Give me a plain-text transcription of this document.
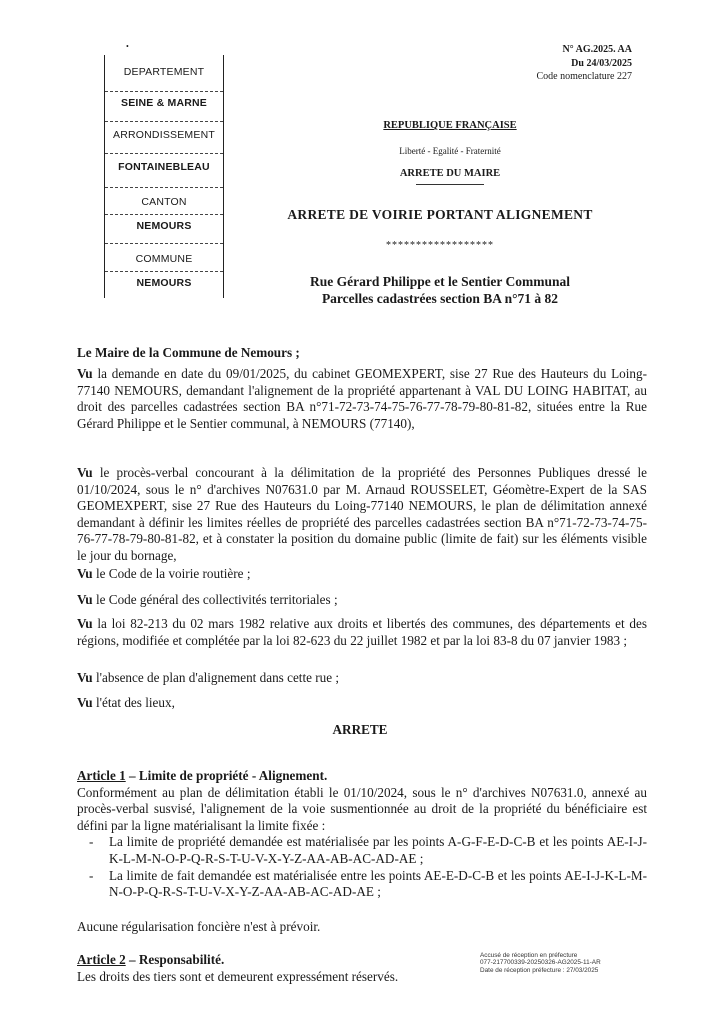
•	N° AG.2025. AA
Du 24/03/2025
Code nomenclature 227
DEPARTEMENT
SEINE & MARNE
ARRONDISSEMENT
FONTAINEBLEAU
CANTON
NEMOURS
COMMUNE
NEMOURS
REPUBLIQUE FRANÇAISE
Liberté - Egalité - Fraternité
ARRETE DU MAIRE
ARRETE DE VOIRIE PORTANT ALIGNEMENT
******************
Rue Gérard Philippe et le Sentier Communal
Parcelles cadastrées section BA n°71 à 82
Le Maire de la Commune de Nemours ;
Vu la demande en date du 09/01/2025, du cabinet GEOMEXPERT, sise 27 Rue des Hauteurs du Loing-77140 NEMOURS, demandant l'alignement de la propriété appartenant à VAL DU LOING HABITAT, au droit des parcelles cadastrées section BA n°71-72-73-74-75-76-77-78-79-80-81-82, situées entre la Rue Gérard Philippe et le Sentier communal, à NEMOURS (77140),
Vu le procès-verbal concourant à la délimitation de la propriété des Personnes Publiques dressé le 01/10/2024, sous le n° d'archives N07631.0 par M. Arnaud ROUSSELET, Géomètre-Expert de la SAS GEOMEXPERT, sise 27 Rue des Hauteurs du Loing-77140 NEMOURS, le plan de délimitation annexé demandant à définir les limites réelles de propriété des parcelles cadastrées section BA n°71-72-73-74-75-76-77-78-79-80-81-82, et à constater la position du domaine public (limite de fait) sur les éléments visible le jour du bornage,
Vu le Code de la voirie routière ;
Vu le Code général des collectivités territoriales ;
Vu la loi 82-213 du 02 mars 1982 relative aux droits et libertés des communes, des départements et des régions, modifiée et complétée par la loi 82-623 du 22 juillet 1982 et par la loi 83-8 du 07 janvier 1983 ;
Vu l'absence de plan d'alignement dans cette rue ;
Vu l'état des lieux,
ARRETE
Article 1 – Limite de propriété - Alignement.
Conformément au plan de délimitation établi le 01/10/2024, sous le n° d'archives N07631.0, annexé au procès-verbal susvisé, l'alignement de la voie susmentionnée au droit de la propriété du bénéficiaire est défini par la ligne matérialisant la limite fixée :
- La limite de propriété demandée est matérialisée par les points A-G-F-E-D-C-B et les points AE-I-J-K-L-M-N-O-P-Q-R-S-T-U-V-X-Y-Z-AA-AB-AC-AD-AE ;
- La limite de fait demandée est matérialisée entre les points AE-E-D-C-B et les points AE-I-J-K-L-M-N-O-P-Q-R-S-T-U-V-X-Y-Z-AA-AB-AC-AD-AE ;
Aucune régularisation foncière n'est à prévoir.
Article 2 – Responsabilité.
Les droits des tiers sont et demeurent expressément réservés.
Accusé de réception en préfecture
077-217700339-20250326-AG2025-11-AR
Date de réception préfecture : 27/03/2025
